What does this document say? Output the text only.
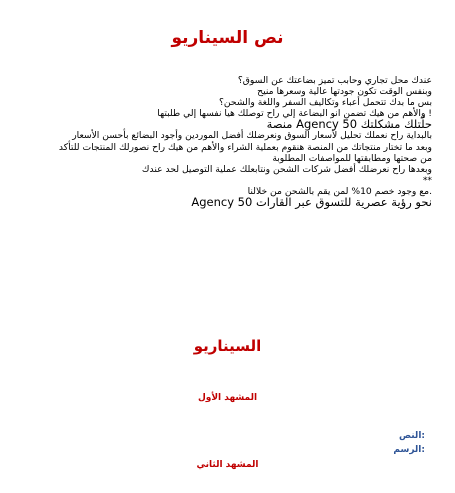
نص السيناريو
عندك محل تجاري وحابب تميز بضاعتك عن السوق؟
وبنفس الوقت تكون جودتها عالية وسعرها منيح
بس ما بدك تتحمل أعباء وتكاليف السفر واللغة والشحن؟
! والأهم من هيك تضمن انو البضاعة إلي راح توصلك هيا نفسها إلي طلبتها
حلّتلك مشكلتك Agency 50 منصة
بالبداية راح نعملك تحليل لأسعار السوق ونعرضلك أفضل الموردين وأجود البضائع بأحسن الأسعار
وبعد ما تختار منتجاتك من المنصة هنقوم بعملية الشراء والأهم من هيك راح نصورلك المنتجات للتأكد
من صحتها ومطابقتها للمواصفات المطلوبة
وبعدها راح نعرضلك أفضل شركات الشحن ونتابعلك عملية التوصيل لحد عندك
**
.مع وجود خصم 10% لمن يقم بالشحن من خلالنا
نحو رؤية عصرية للتسوق عبر القارات Agency 50
السيناريو
المشهد الأول
:النص
:الرسم
المشهد الثاني
